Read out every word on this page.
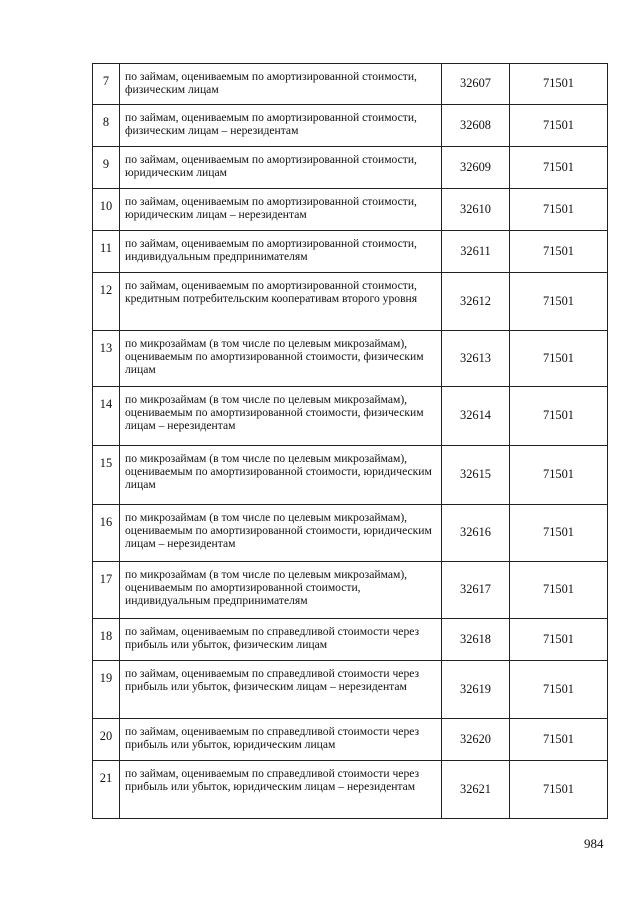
7	по займам, оцениваемым по амортизированной стоимости, физическим лицам	32607	71501
8	по займам, оцениваемым по амортизированной стоимости, физическим лицам – нерезидентам	32608	71501
9	по займам, оцениваемым по амортизированной стоимости, юридическим лицам	32609	71501
10	по займам, оцениваемым по амортизированной стоимости, юридическим лицам – нерезидентам	32610	71501
11	по займам, оцениваемым по амортизированной стоимости, индивидуальным предпринимателям	32611	71501
12	по займам, оцениваемым по амортизированной стоимости, кредитным потребительским кооперативам второго уровня	32612	71501
13	по микрозаймам (в том числе по целевым микрозаймам), оцениваемым по амортизированной стоимости, физическим лицам	32613	71501
14	по микрозаймам (в том числе по целевым микрозаймам), оцениваемым по амортизированной стоимости, физическим лицам – нерезидентам	32614	71501
15	по микрозаймам (в том числе по целевым микрозаймам), оцениваемым по амортизированной стоимости, юридическим лицам	32615	71501
16	по микрозаймам (в том числе по целевым микрозаймам), оцениваемым по амортизированной стоимости, юридическим лицам – нерезидентам	32616	71501
17	по микрозаймам (в том числе по целевым микрозаймам), оцениваемым по амортизированной стоимости, индивидуальным предпринимателям	32617	71501
18	по займам, оцениваемым по справедливой стоимости через прибыль или убыток, физическим лицам	32618	71501
19	по займам, оцениваемым по справедливой стоимости через прибыль или убыток, физическим лицам – нерезидентам	32619	71501
20	по займам, оцениваемым по справедливой стоимости через прибыль или убыток, юридическим лицам	32620	71501
21	по займам, оцениваемым по справедливой стоимости через прибыль или убыток, юридическим лицам – нерезидентам	32621	71501
984
